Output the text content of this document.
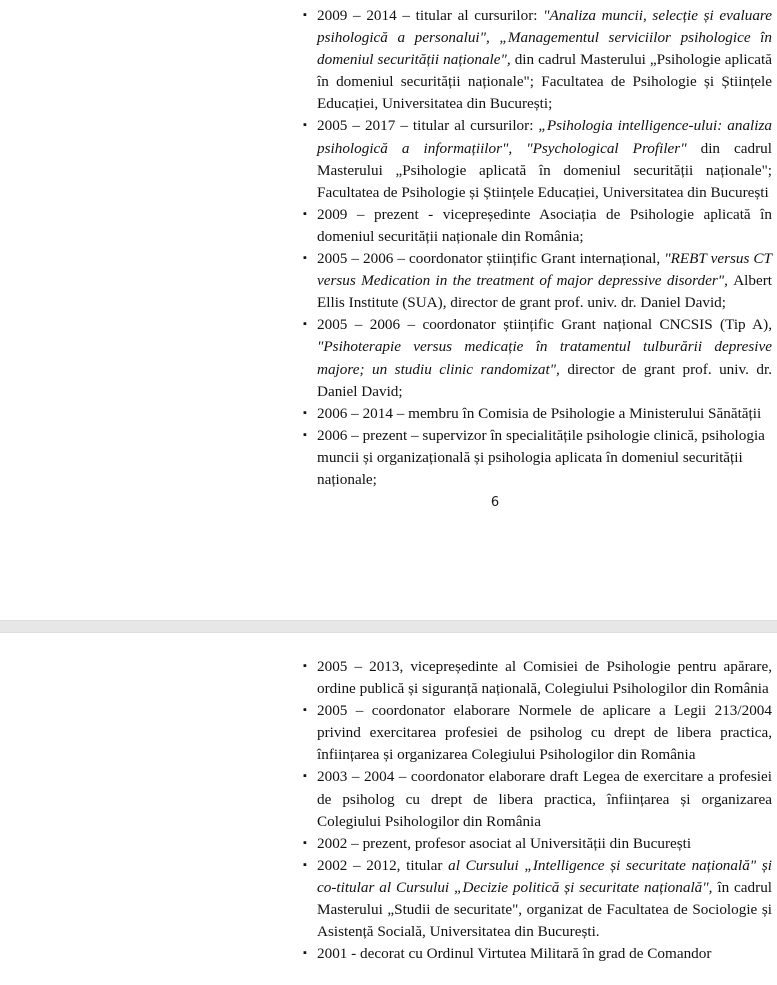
▪ 2009 – 2014 – titular al cursurilor: "Analiza muncii, selecție și evaluare psihologică a personalui", „Managementul serviciilor psihologice în domeniul securității naționale", din cadrul Masterului „Psihologie aplicată în domeniul securității naționale"; Facultatea de Psihologie și Științele Educației, Universitatea din București;
▪ 2005 – 2017 – titular al cursurilor: „Psihologia intelligence-ului: analiza psihologică a informațiilor", "Psychological Profiler" din cadrul Masterului „Psihologie aplicată în domeniul securității naționale"; Facultatea de Psihologie și Științele Educației, Universitatea din București
▪ 2009 – prezent - vicepreședinte Asociația de Psihologie aplicată în domeniul securității naționale din România;
▪ 2005 – 2006 – coordonator științific Grant internațional, "REBT versus CT versus Medication in the treatment of major depressive disorder", Albert Ellis Institute (SUA), director de grant prof. univ. dr. Daniel David;
▪ 2005 – 2006 – coordonator științific Grant național CNCSIS (Tip A), "Psihoterapie versus medicație în tratamentul tulburării depresive majore; un studiu clinic randomizat", director de grant prof. univ. dr. Daniel David;
▪ 2006 – 2014 – membru în Comisia de Psihologie a Ministerului Sănătății
▪ 2006 – prezent – supervizor în specialitățile psihologie clinică, psihologia muncii și organizațională și psihologia aplicata în domeniul securității naționale;
6
▪ 2005 – 2013, vicepreședinte al Comisiei de Psihologie pentru apărare, ordine publică și siguranță națională, Colegiului Psihologilor din România
▪ 2005 – coordonator elaborare Normele de aplicare a Legii 213/2004 privind exercitarea profesiei de psiholog cu drept de libera practica, înființarea și organizarea Colegiului Psihologilor din România
▪ 2003 – 2004 – coordonator elaborare draft Legea de exercitare a profesiei de psiholog cu drept de libera practica, înființarea și organizarea Colegiului Psihologilor din România
▪ 2002 – prezent, profesor asociat al Universității din București
▪ 2002 – 2012, titular al Cursului „Intelligence și securitate națională" și co-titular al Cursului „Decizie politică și securitate națională", în cadrul Masterului „Studii de securitate", organizat de Facultatea de Sociologie și Asistență Socială, Universitatea din București.
▪ 2001 - decorat cu Ordinul Virtutea Militară în grad de Comandor
